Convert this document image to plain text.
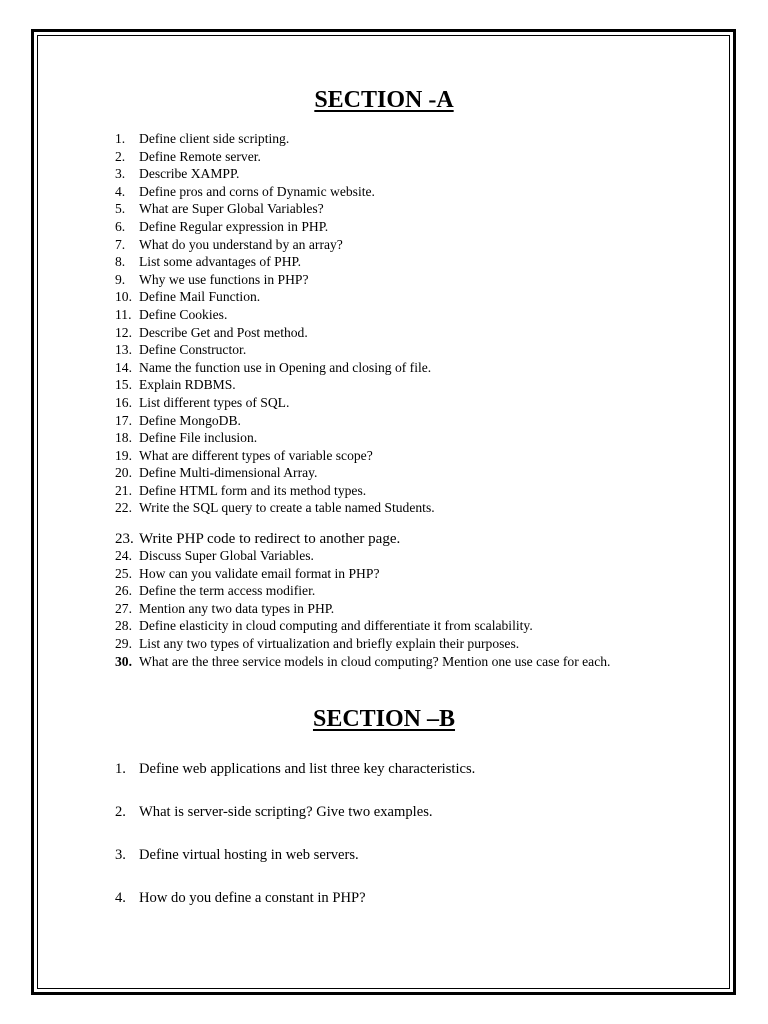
SECTION -A
1. Define client side scripting.
2. Define Remote server.
3. Describe XAMPP.
4. Define pros and corns of Dynamic website.
5. What are Super Global Variables?
6. Define Regular expression in PHP.
7. What do you understand by an array?
8. List some advantages of PHP.
9. Why we use functions in PHP?
10. Define Mail Function.
11. Define Cookies.
12. Describe Get and Post method.
13. Define Constructor.
14. Name the function use in Opening and closing of file.
15. Explain RDBMS.
16. List different types of SQL.
17. Define MongoDB.
18. Define File inclusion.
19. What are different types of variable scope?
20. Define Multi-dimensional Array.
21. Define HTML form and its method types.
22. Write the SQL query to create a table named Students.
23. Write PHP code to redirect to another page.
24. Discuss Super Global Variables.
25. How can you validate email format in PHP?
26. Define the term access modifier.
27. Mention any two data types in PHP.
28. Define elasticity in cloud computing and differentiate it from scalability.
29. List any two types of virtualization and briefly explain their purposes.
30. What are the three service models in cloud computing? Mention one use case for each.
SECTION –B
1. Define web applications and list three key characteristics.
2. What is server-side scripting? Give two examples.
3. Define virtual hosting in web servers.
4. How do you define a constant in PHP?
